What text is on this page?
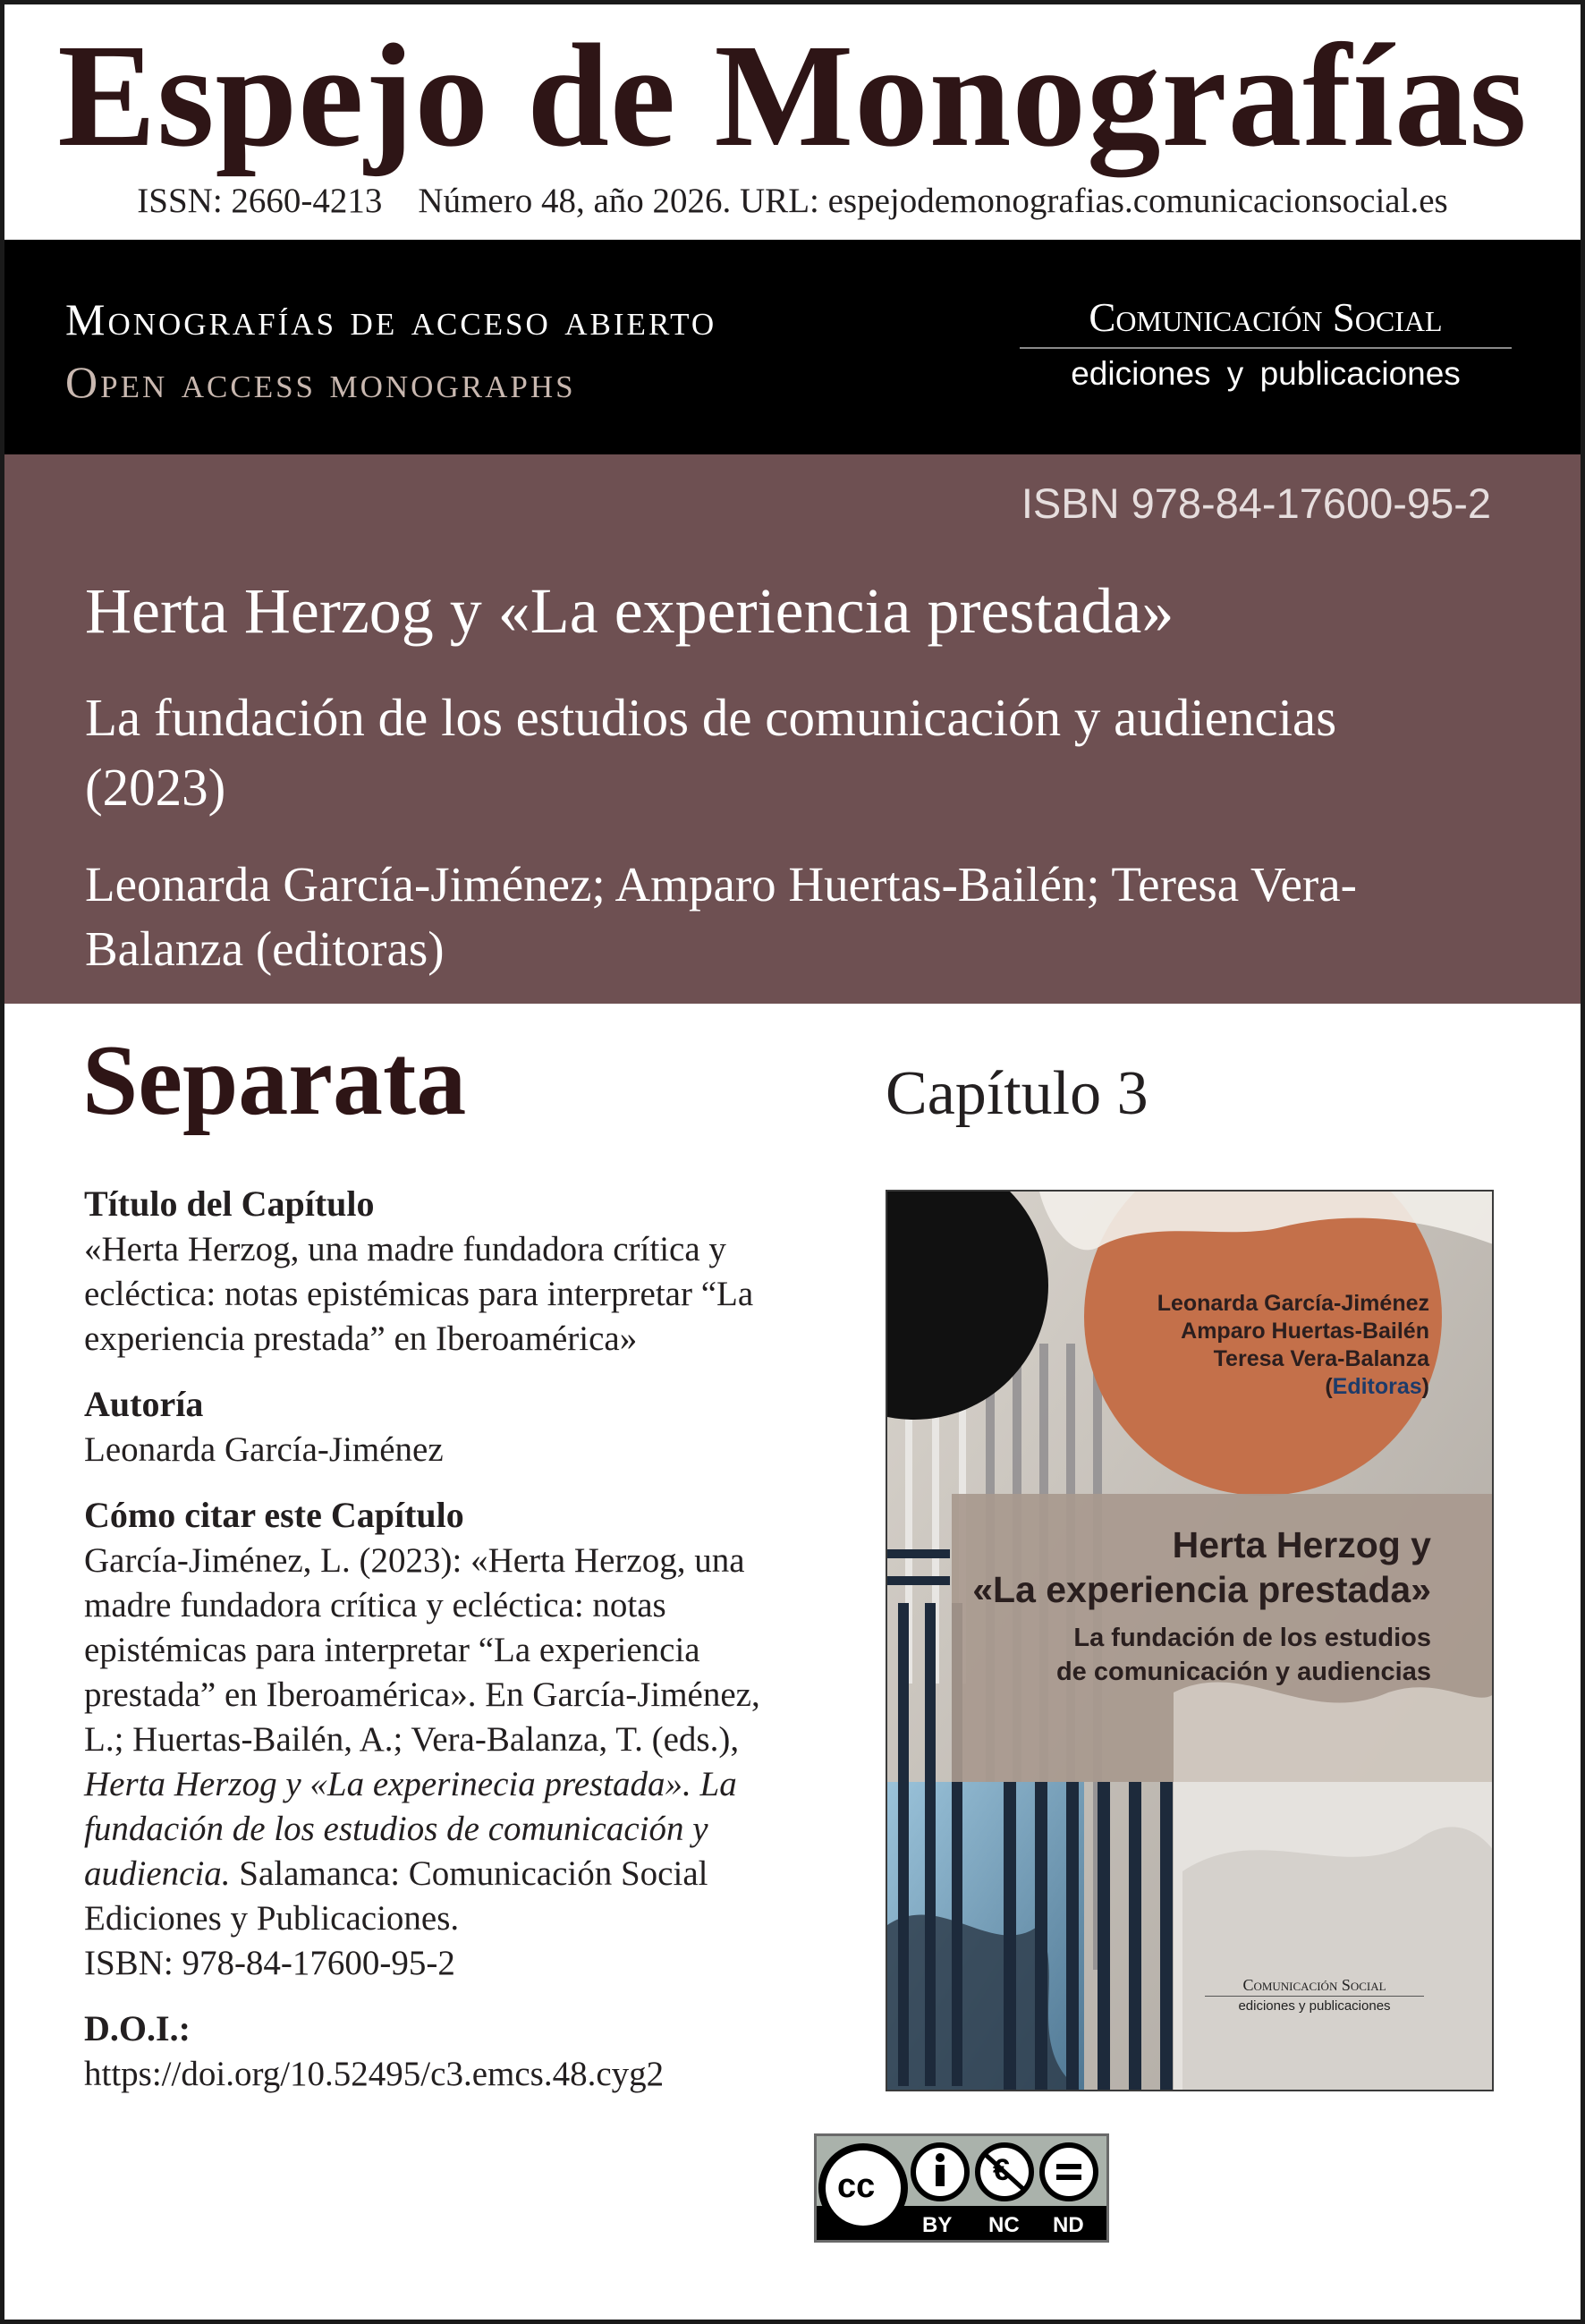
Espejo de Monografías
ISSN: 2660-4213 Número 48, año 2026. URL: espejodemonografias.comunicacionsocial.es
Monografías de acceso abierto
Open access monographs
Comunicación Social
ediciones y publicaciones
ISBN 978-84-17600-95-2
Herta Herzog y «La experiencia prestada»
La fundación de los estudios de comunicación y audiencias (2023)
Leonarda García-Jiménez; Amparo Huertas-Bailén; Teresa Vera-Balanza (editoras)
Separata	Capítulo 3
Título del Capítulo
«Herta Herzog, una madre fundadora crítica y ecléctica: notas epistémicas para interpretar “La experiencia prestada” en Iberoamérica»
Autoría
Leonarda García-Jiménez
Cómo citar este Capítulo
García-Jiménez, L. (2023): «Herta Herzog, una madre fundadora crítica y ecléctica: notas epistémicas para interpretar “La experiencia prestada” en Iberoamérica». En García-Jiménez, L.; Huertas-Bailén, A.; Vera-Balanza, T. (eds.), Herta Herzog y «La experinecia prestada». La fundación de los estudios de comunicación y audiencia. Salamanca: Comunicación Social Ediciones y Publicaciones.
ISBN: 978-84-17600-95-2
D.O.I.:
https://doi.org/10.52495/c3.emcs.48.cyg2
Leonarda García-Jiménez
Amparo Huertas-Bailén
Teresa Vera-Balanza
(Editoras)
Herta Herzog y
«La experiencia prestada»
La fundación de los estudios
de comunicación y audiencias
Comunicación Social
ediciones y publicaciones
cc	€
BY NC ND
